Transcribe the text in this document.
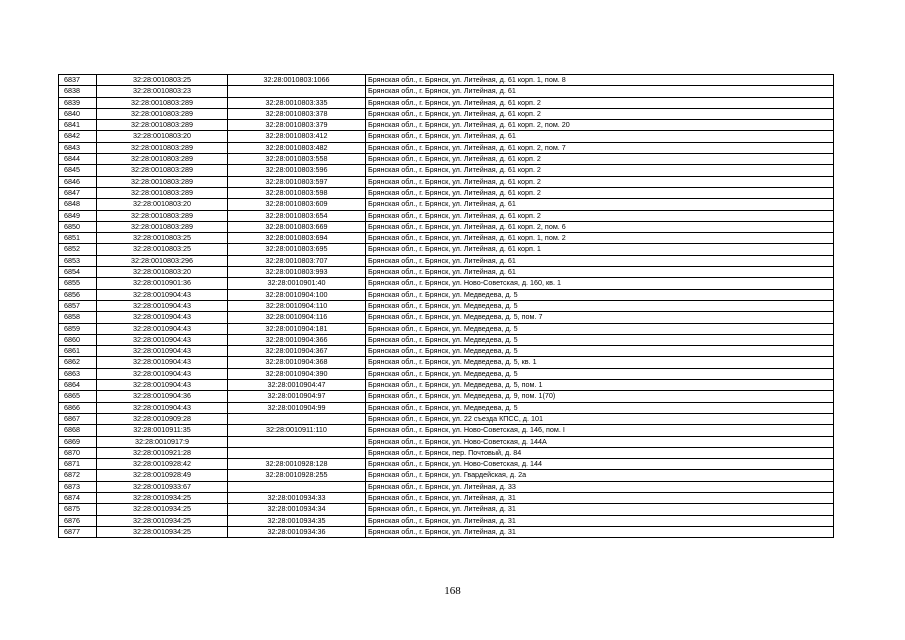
6837	32:28:0010803:25	32:28:0010803:1066	Брянская обл., г. Брянск, ул. Литейная, д. 61 корп. 1, пом. 8
6838	32:28:0010803:23		Брянская обл., г. Брянск, ул. Литейная, д. 61
6839	32:28:0010803:289	32:28:0010803:335	Брянская обл., г. Брянск, ул. Литейная, д. 61 корп. 2
6840	32:28:0010803:289	32:28:0010803:378	Брянская обл., г. Брянск, ул. Литейная, д. 61 корп. 2
6841	32:28:0010803:289	32:28:0010803:379	Брянская обл., г. Брянск, ул. Литейная, д. 61 корп. 2, пом. 20
6842	32:28:0010803:20	32:28:0010803:412	Брянская обл., г. Брянск, ул. Литейная, д. 61
6843	32:28:0010803:289	32:28:0010803:482	Брянская обл., г. Брянск, ул. Литейная, д. 61 корп. 2, пом. 7
6844	32:28:0010803:289	32:28:0010803:558	Брянская обл., г. Брянск, ул. Литейная, д. 61 корп. 2
6845	32:28:0010803:289	32:28:0010803:596	Брянская обл., г. Брянск, ул. Литейная, д. 61 корп. 2
6846	32:28:0010803:289	32:28:0010803:597	Брянская обл., г. Брянск, ул. Литейная, д. 61 корп. 2
6847	32:28:0010803:289	32:28:0010803:598	Брянская обл., г. Брянск, ул. Литейная, д. 61 корп. 2
6848	32:28:0010803:20	32:28:0010803:609	Брянская обл., г. Брянск, ул. Литейная, д. 61
6849	32:28:0010803:289	32:28:0010803:654	Брянская обл., г. Брянск, ул. Литейная, д. 61 корп. 2
6850	32:28:0010803:289	32:28:0010803:669	Брянская обл., г. Брянск, ул. Литейная, д. 61 корп. 2, пом. 6
6851	32:28:0010803:25	32:28:0010803:694	Брянская обл., г. Брянск, ул. Литейная, д. 61 корп. 1, пом. 2
6852	32:28:0010803:25	32:28:0010803:695	Брянская обл., г. Брянск, ул. Литейная, д. 61 корп. 1
6853	32:28:0010803:296	32:28:0010803:707	Брянская обл., г. Брянск, ул. Литейная, д. 61
6854	32:28:0010803:20	32:28:0010803:993	Брянская обл., г. Брянск, ул. Литейная, д. 61
6855	32:28:0010901:36	32:28:0010901:40	Брянская обл., г. Брянск, ул. Ново-Советская, д. 160, кв. 1
6856	32:28:0010904:43	32:28:0010904:100	Брянская обл., г. Брянск, ул. Медведева, д. 5
6857	32:28:0010904:43	32:28:0010904:110	Брянская обл., г. Брянск, ул. Медведева, д. 5
6858	32:28:0010904:43	32:28:0010904:116	Брянская обл., г. Брянск, ул. Медведева, д. 5, пом. 7
6859	32:28:0010904:43	32:28:0010904:181	Брянская обл., г. Брянск, ул. Медведева, д. 5
6860	32:28:0010904:43	32:28:0010904:366	Брянская обл., г. Брянск, ул. Медведева, д. 5
6861	32:28:0010904:43	32:28:0010904:367	Брянская обл., г. Брянск, ул. Медведева, д. 5
6862	32:28:0010904:43	32:28:0010904:368	Брянская обл., г. Брянск, ул. Медведева, д. 5, кв. 1
6863	32:28:0010904:43	32:28:0010904:390	Брянская обл., г. Брянск, ул. Медведева, д. 5
6864	32:28:0010904:43	32:28:0010904:47	Брянская обл., г. Брянск, ул. Медведева, д. 5, пом. 1
6865	32:28:0010904:36	32:28:0010904:97	Брянская обл., г. Брянск, ул. Медведева, д. 9, пом. 1(70)
6866	32:28:0010904:43	32:28:0010904:99	Брянская обл., г. Брянск, ул. Медведева, д. 5
6867	32:28:0010909:28		Брянская обл., г. Брянск, ул. 22 съезда КПСС, д. 101
6868	32:28:0010911:35	32:28:0010911:110	Брянская обл., г. Брянск, ул. Ново-Советская, д. 146, пом. I
6869	32:28:0010917:9		Брянская обл., г. Брянск, ул. Ново-Советская, д. 144А
6870	32:28:0010921:28		Брянская обл., г. Брянск, пер. Почтовый, д. 84
6871	32:28:0010928:42	32:28:0010928:128	Брянская обл., г. Брянск, ул. Ново-Советская, д. 144
6872	32:28:0010928:49	32:28:0010928:255	Брянская обл., г. Брянск, ул. Гвардейская, д. 2а
6873	32:28:0010933:67		Брянская обл., г. Брянск, ул. Литейная, д. 33
6874	32:28:0010934:25	32:28:0010934:33	Брянская обл., г. Брянск, ул. Литейная, д. 31
6875	32:28:0010934:25	32:28:0010934:34	Брянская обл., г. Брянск, ул. Литейная, д. 31
6876	32:28:0010934:25	32:28:0010934:35	Брянская обл., г. Брянск, ул. Литейная, д. 31
6877	32:28:0010934:25	32:28:0010934:36	Брянская обл., г. Брянск, ул. Литейная, д. 31
168
